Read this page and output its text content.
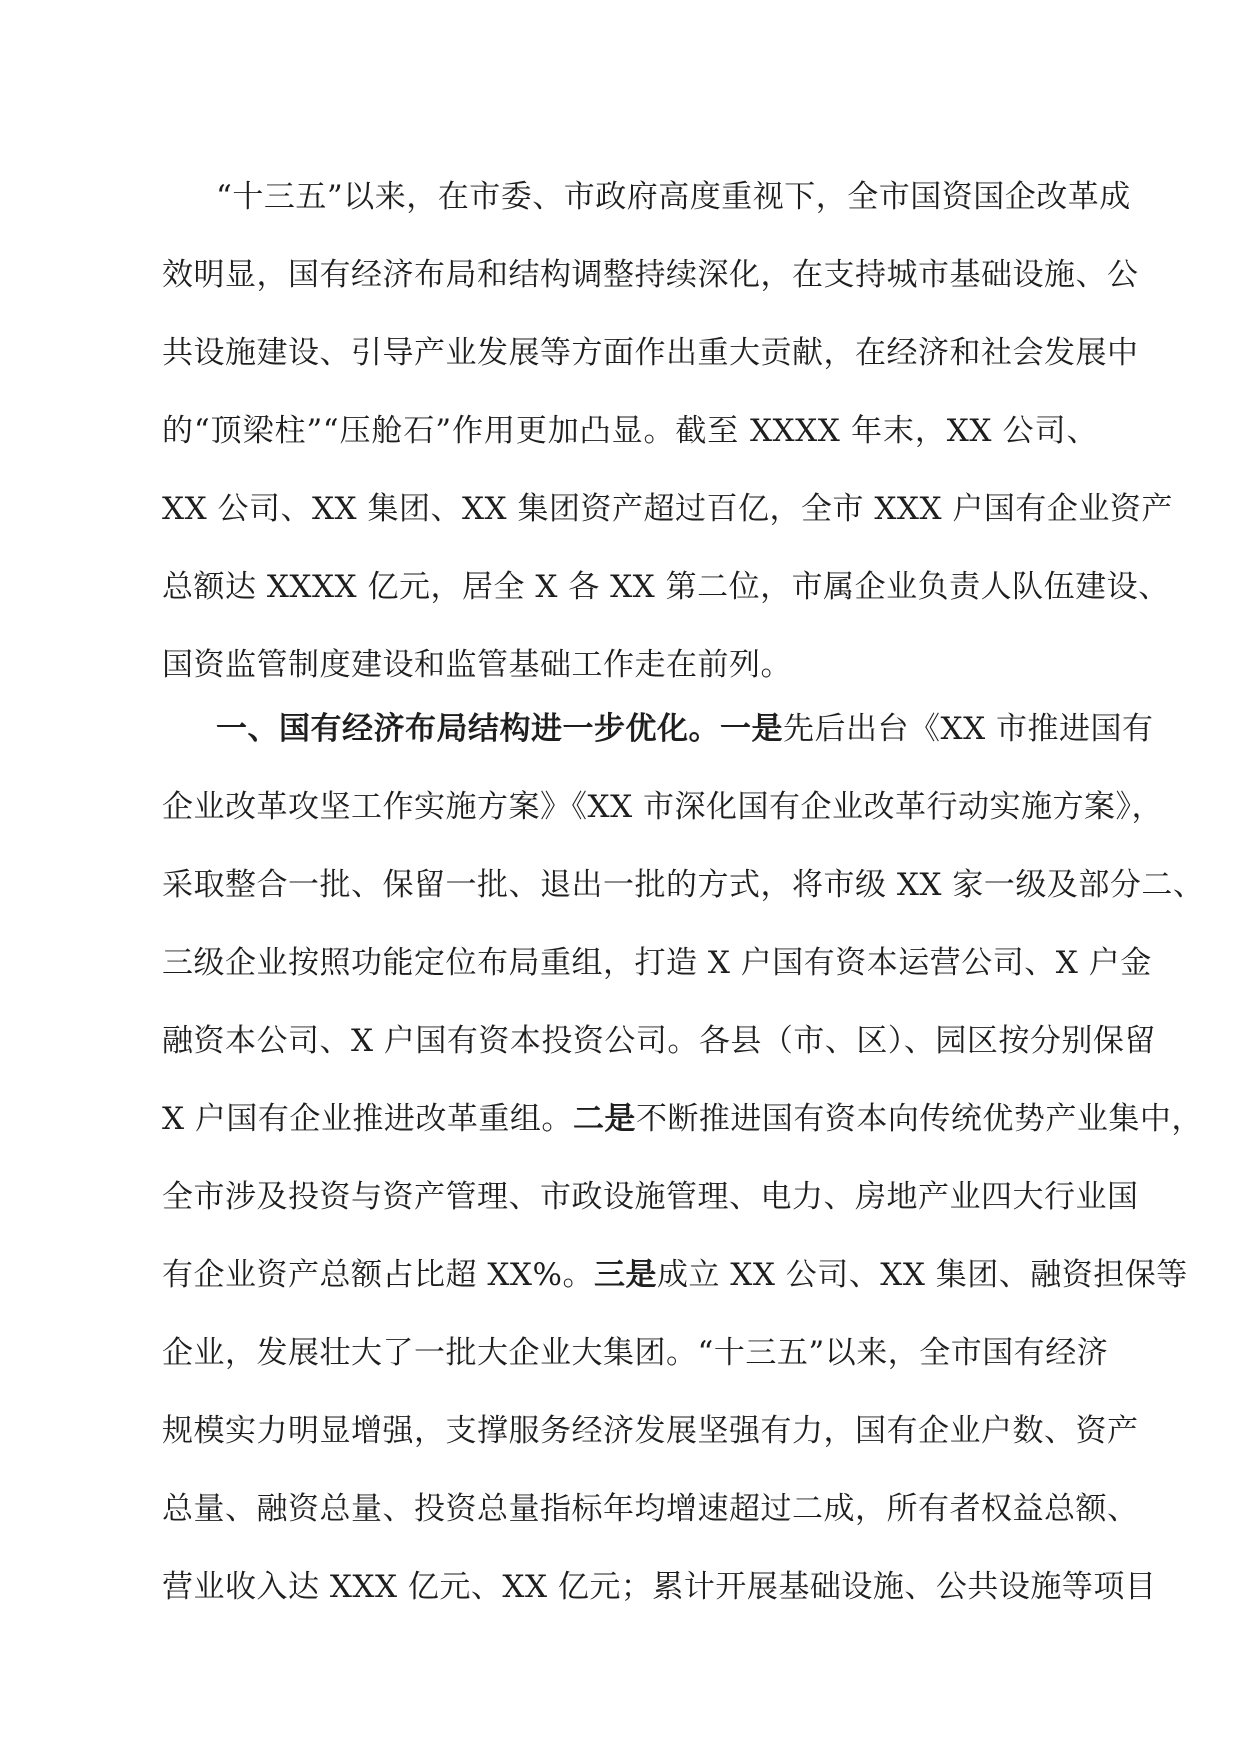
“十三五”以来，在市委、市政府高度重视下，全市国资国企改革成
效明显，国有经济布局和结构调整持续深化，在支持城市基础设施、公
共设施建设、引导产业发展等方面作出重大贡献，在经济和社会发展中
的“顶梁柱”“压舱石”作用更加凸显。截至 XXXX 年末，XX 公司、
XX 公司、XX 集团、XX 集团资产超过百亿，全市 XXX 户国有企业资产
总额达 XXXX 亿元，居全 X 各 XX 第二位，市属企业负责人队伍建设、
国资监管制度建设和监管基础工作走在前列。
一、国有经济布局结构进一步优化。一是先后出台《XX 市推进国有
企业改革攻坚工作实施方案》《XX 市深化国有企业改革行动实施方案》，
采取整合一批、保留一批、退出一批的方式，将市级 XX 家一级及部分二、
三级企业按照功能定位布局重组，打造 X 户国有资本运营公司、X 户金
融资本公司、X 户国有资本投资公司。各县（市、区）、园区按分别保留
X 户国有企业推进改革重组。二是不断推进国有资本向传统优势产业集中，
全市涉及投资与资产管理、市政设施管理、电力、房地产业四大行业国
有企业资产总额占比超 XX%。三是成立 XX 公司、XX 集团、融资担保等
企业，发展壮大了一批大企业大集团。“十三五”以来，全市国有经济
规模实力明显增强，支撑服务经济发展坚强有力，国有企业户数、资产
总量、融资总量、投资总量指标年均增速超过二成，所有者权益总额、
营业收入达 XXX 亿元、XX 亿元；累计开展基础设施、公共设施等项目
